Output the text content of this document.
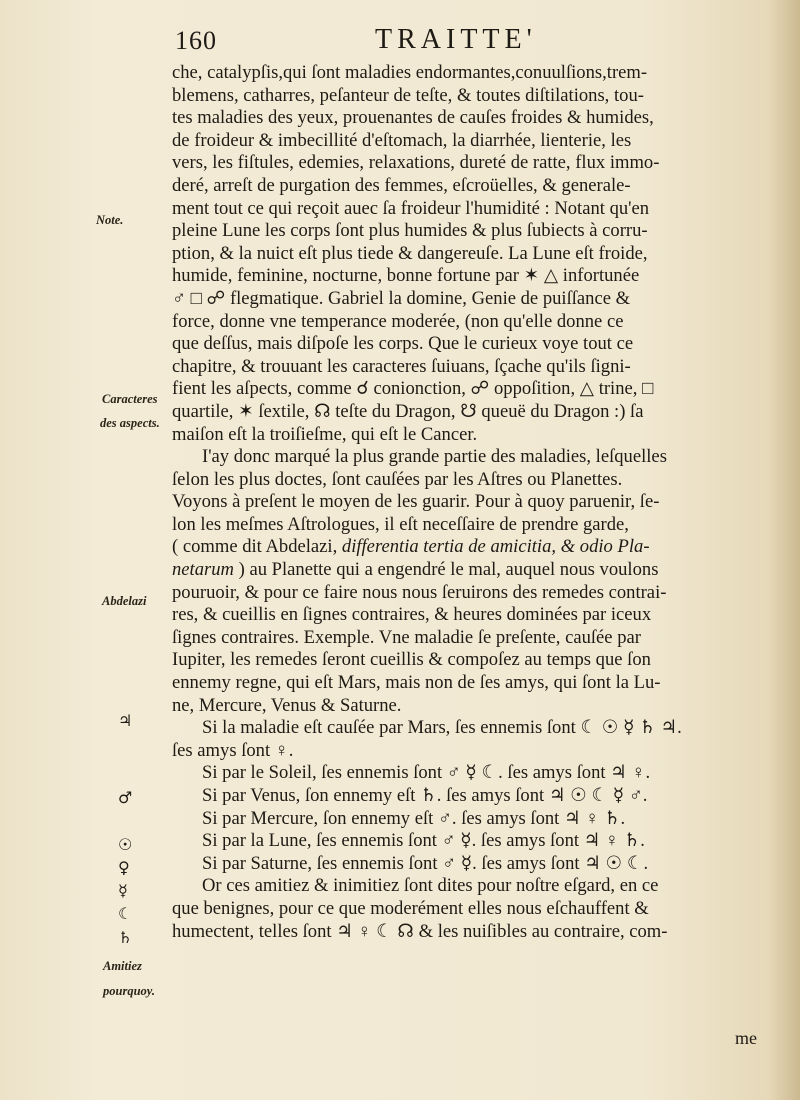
160	TRAITTE'
Note.
Caracteres
des aspects.
Abdelazi
Amitiez
pourquoy.
♃
♂
☉
♀
☿
☾
♄
che, catalypſis,qui ſont maladies endormantes,conuulſions,trem-
blemens, catharres, peſanteur de teſte, & toutes diſtilations, tou-
tes maladies des yeux, prouenantes de cauſes froides & humides,
de froideur & imbecillité d'eſtomach, la diarrhée, lienterie, les
vers, les fiſtules, edemies, relaxations, dureté de ratte, flux immo-
deré, arreſt de purgation des femmes, eſcroüelles, & generale-
ment tout ce qui reçoit auec ſa froideur l'humidité : Notant qu'en
pleine Lune les corps ſont plus humides & plus ſubiects à corru-
ption, & la nuict eſt plus tiede & dangereuſe. La Lune eſt froide,
humide, feminine, nocturne, bonne fortune par ✶ △ infortunée
♂ □ ☍ flegmatique. Gabriel la domine, Genie de puiſſance &
force, donne vne temperance moderée, (non qu'elle donne ce
que deſſus, mais diſpoſe les corps. Que le curieux voye tout ce
chapitre, & trouuant les caracteres ſuiuans, ſçache qu'ils ſigni-
fient les aſpects, comme ☌ conionction, ☍ oppoſition, △ trine, □
quartile, ✶ ſextile, ☊ teſte du Dragon, ☋ queuë du Dragon :) ſa
maiſon eſt la troiſieſme, qui eſt le Cancer.
I'ay donc marqué la plus grande partie des maladies, leſquelles
ſelon les plus doctes, ſont cauſées par les Aſtres ou Planettes.
Voyons à preſent le moyen de les guarir. Pour à quoy paruenir, ſe-
lon les meſmes Aſtrologues, il eſt neceſſaire de prendre garde,
( comme dit Abdelazi, differentia tertia de amicitia, & odio Pla-
netarum ) au Planette qui a engendré le mal, auquel nous voulons
pouruoir, & pour ce faire nous nous ſeruirons des remedes contrai-
res, & cueillis en ſignes contraires, & heures dominées par iceux
ſignes contraires. Exemple. Vne maladie ſe preſente, cauſée par
Iupiter, les remedes ſeront cueillis & compoſez au temps que ſon
ennemy regne, qui eſt Mars, mais non de ſes amys, qui ſont la Lu-
ne, Mercure, Venus & Saturne.
Si la maladie eſt cauſée par Mars, ſes ennemis ſont ☾ ☉ ☿ ♄ ♃.
ſes amys ſont ♀.
Si par le Soleil, ſes ennemis ſont ♂ ☿ ☾. ſes amys ſont ♃ ♀.
Si par Venus, ſon ennemy eſt ♄. ſes amys ſont ♃ ☉ ☾ ☿ ♂.
Si par Mercure, ſon ennemy eſt ♂. ſes amys ſont ♃ ♀ ♄.
Si par la Lune, ſes ennemis ſont ♂ ☿. ſes amys ſont ♃ ♀ ♄.
Si par Saturne, ſes ennemis ſont ♂ ☿. ſes amys ſont ♃ ☉ ☾.
Or ces amitiez & inimitiez ſont dites pour noſtre eſgard, en ce
que benignes, pour ce que moderément elles nous eſchauffent &
humectent, telles ſont ♃ ♀ ☾ ☊ & les nuiſibles au contraire, com-
me
